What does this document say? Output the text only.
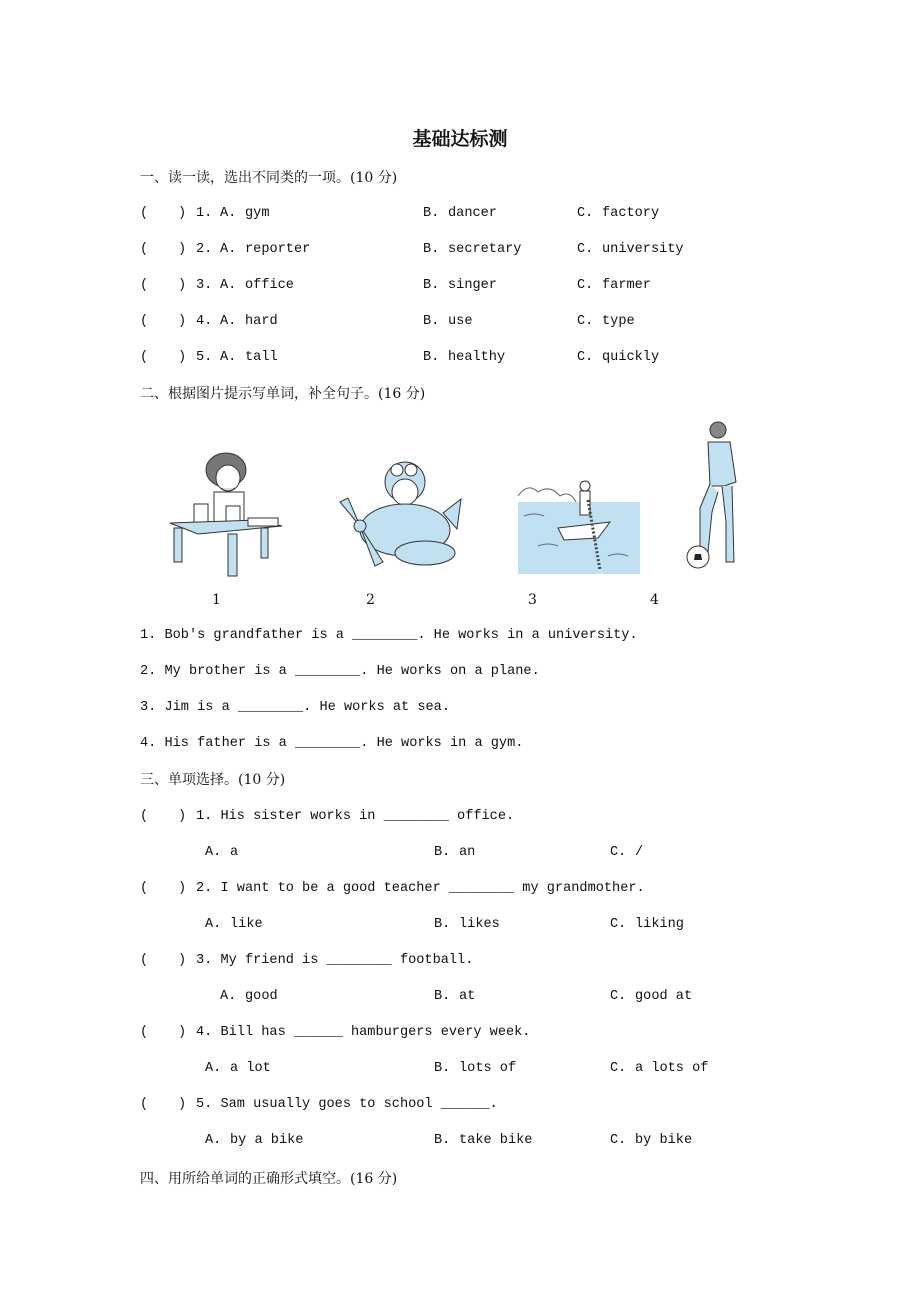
基础达标测
一、读一读，选出不同类的一项。(10 分)
( ) 1. A. gym	B. dancer	C. factory
( ) 2. A. reporter	B. secretary	C. university
( ) 3. A. office	B. singer	C. farmer
( ) 4. A. hard	B. use	C. type
( ) 5. A. tall	B. healthy	C. quickly
二、根据图片提示写单词，补全句子。(16 分)
1	2	3	4
1. Bob's grandfather is a ________. He works in a university.
2. My brother is a ________. He works on a plane.
3. Jim is a ________. He works at sea.
4. His father is a ________. He works in a gym.
三、单项选择。(10 分)
( ) 1. His sister works in ________ office.
A. a	B. an	C. /
( ) 2. I want to be a good teacher ________ my grandmother.
A. like	B. likes	C. liking
( ) 3. My friend is ________ football.
A. good	B. at	C. good at
( ) 4. Bill has ______ hamburgers every week.
A. a lot	B. lots of	C. a lots of
( ) 5. Sam usually goes to school ______.
A. by a bike	B. take bike	C. by bike
四、用所给单词的正确形式填空。(16 分)
